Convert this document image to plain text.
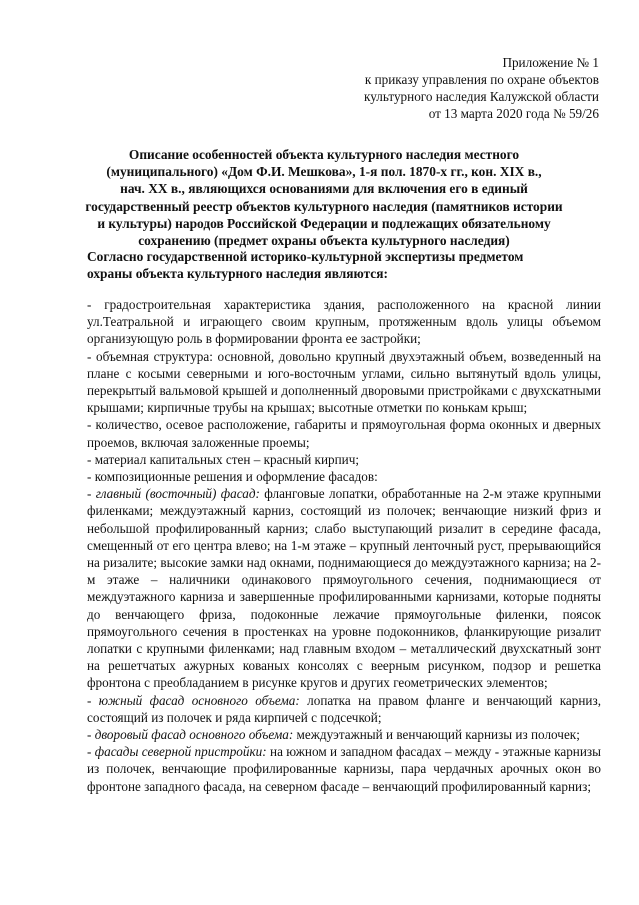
Приложение № 1
к приказу управления по охране объектов
культурного наследия Калужской области
от 13 марта 2020 года № 59/26
Описание особенностей объекта культурного наследия местного
(муниципального) «Дом Ф.И. Мешкова», 1-я пол. 1870-х гг., кон. XIX в.,
нач. XX в., являющихся основаниями для включения его в единый
государственный реестр объектов культурного наследия (памятников истории
и культуры) народов Российской Федерации и подлежащих обязательному
сохранению (предмет охраны объекта культурного наследия)
Согласно государственной историко-культурной экспертизы предметом
охраны объекта культурного наследия являются:

- градостроительная характеристика здания, расположенного на красной линии ул.Театральной и играющего своим крупным, протяженным вдоль улицы объемом организующую роль в формировании фронта ее застройки;

- объемная структура: основной, довольно крупный двухэтажный объем, возведенный на плане с косыми северными и юго-восточным углами, сильно вытянутый вдоль улицы, перекрытый вальмовой крышей и дополненный дворовыми пристройками с двухскатными крышами; кирпичные трубы на крышах; высотные отметки по конькам крыш;

- количество, осевое расположение, габариты и прямоугольная форма оконных и дверных проемов, включая заложенные проемы;

- материал капитальных стен – красный кирпич;

- композиционные решения и оформление фасадов:

- главный (восточный) фасад: фланговые лопатки, обработанные на 2-м этаже крупными филенками; междуэтажный карниз, состоящий из полочек; венчающие низкий фриз и небольшой профилированный карниз; слабо выступающий ризалит в середине фасада, смещенный от его центра влево; на 1-м этаже – крупный ленточный руст, прерывающийся на ризалите; высокие замки над окнами, поднимающиеся до междуэтажного карниза; на 2-м этаже – наличники одинакового прямоугольного сечения, поднимающиеся от междуэтажного карниза и завершенные профилированными карнизами, которые подняты до венчающего фриза, подоконные лежачие прямоугольные филенки, поясок прямоугольного сечения в простенках на уровне подоконников, фланкирующие ризалит лопатки с крупными филенками; над главным входом – металлический двухскатный зонт на решетчатых ажурных кованых консолях с веерным рисунком, подзор и решетка фронтона с преобладанием в рисунке кругов и других геометрических элементов;

- южный фасад основного объема: лопатка на правом фланге и венчающий карниз, состоящий из полочек и ряда кирпичей с подсечкой;

- дворовый фасад основного объема: междуэтажный и венчающий карнизы из полочек;

- фасады северной пристройки: на южном и западном фасадах – между - этажные карнизы из полочек, венчающие профилированные карнизы, пара чердачных арочных окон во фронтоне западного фасада, на северном фасаде – венчающий профилированный карниз;
